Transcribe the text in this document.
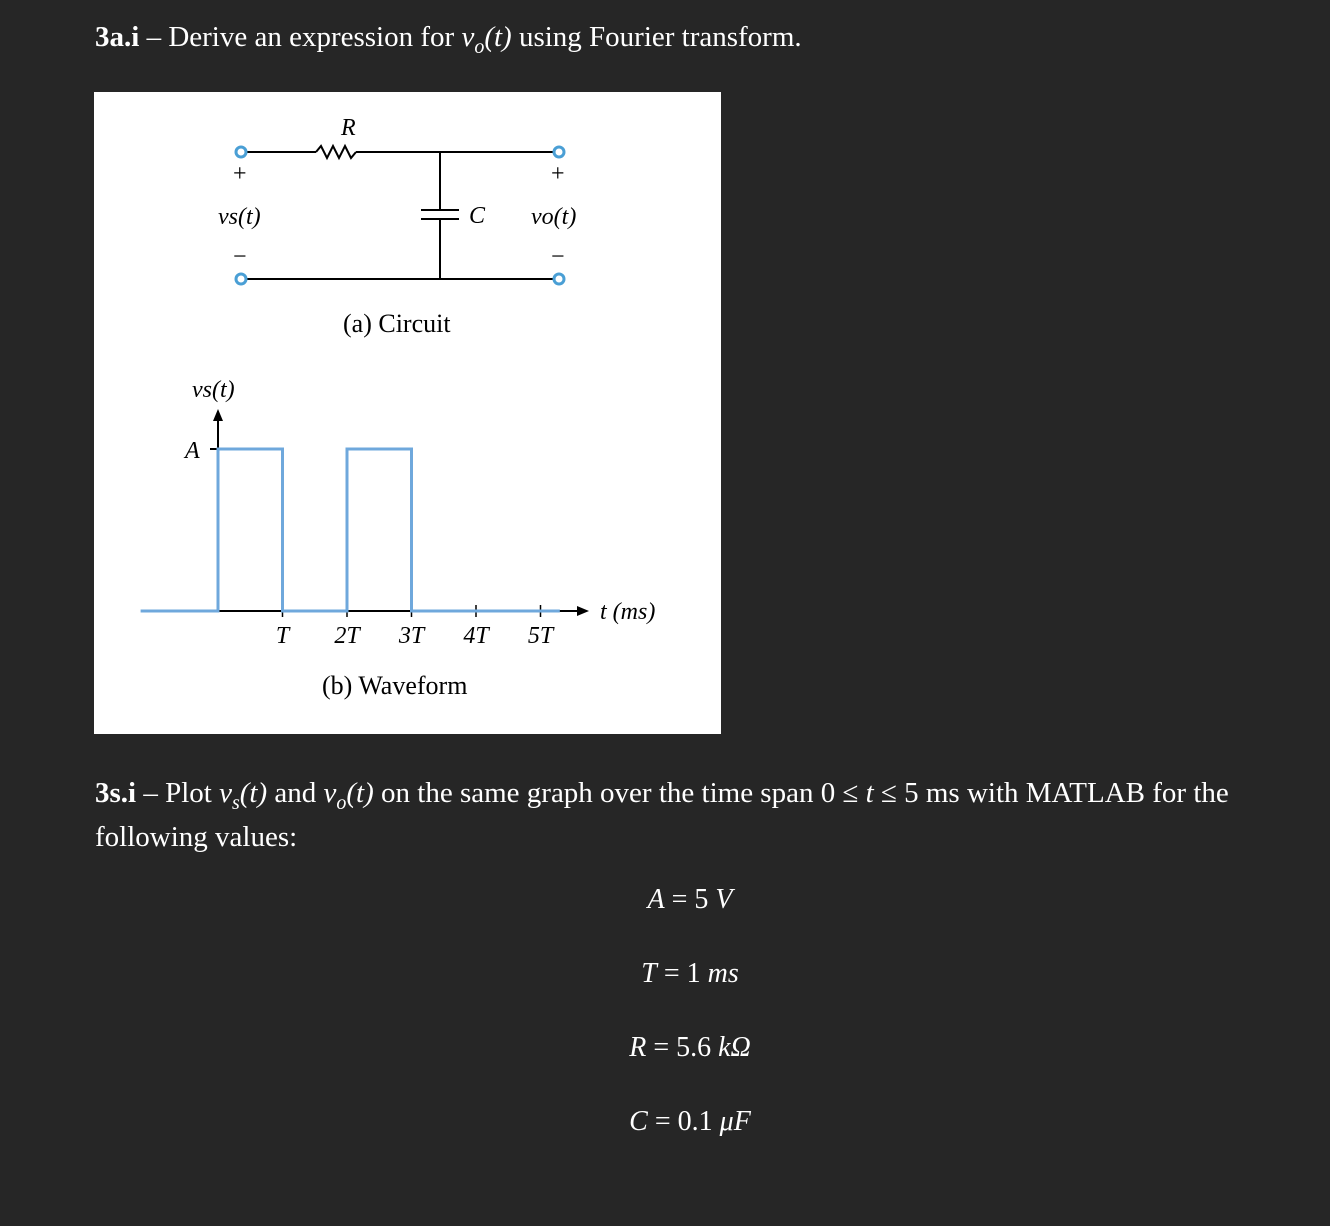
3a.i – Derive an expression for $v_o(t)$ using Fourier transform.
R
C
+	+
−	−
vs(t)	vo(t)
(a) Circuit
vs(t)
A
t (ms)
(b) Waveform
T 2T 3T 4T 5T
3s.i – Plot $v_s(t)$ and $v_o(t)$ on the same graph over the time span 0 ≤ t ≤ 5 ms with MATLAB for the following values:
A = 5 V
T = 1 ms
R = 5.6 kΩ
C = 0.1 μF
